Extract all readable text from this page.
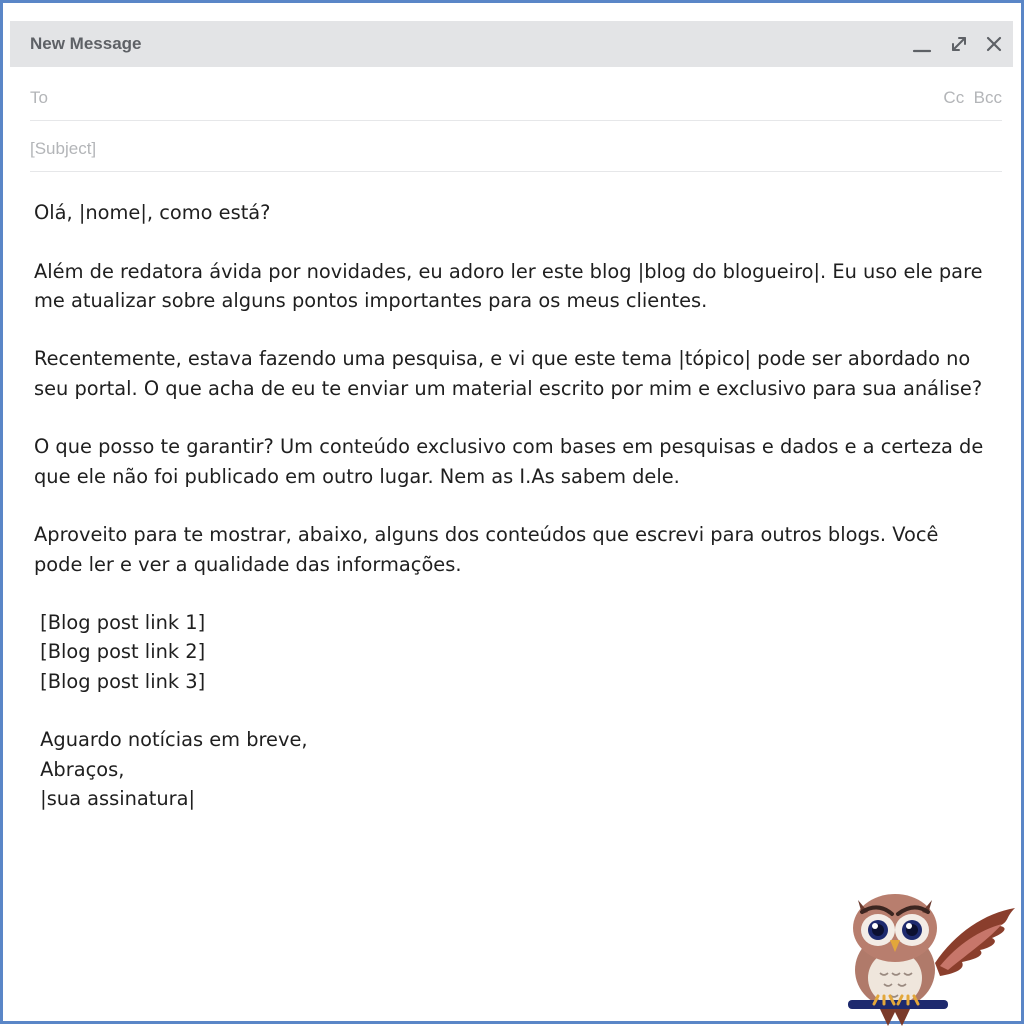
New Message
To	Cc Bcc
[Subject]

Olá, |nome|, como está?

Além de redatora ávida por novidades, eu adoro ler este blog |blog do blogueiro|. Eu uso ele pare me atualizar sobre alguns pontos importantes para os meus clientes.

Recentemente, estava fazendo uma pesquisa, e vi que este tema |tópico| pode ser abordado no seu portal. O que acha de eu te enviar um material escrito por mim e exclusivo para sua análise?

O que posso te garantir? Um conteúdo exclusivo com bases em pesquisas e dados e a certeza de que ele não foi publicado em outro lugar. Nem as I.As sabem dele.

Aproveito para te mostrar, abaixo, alguns dos conteúdos que escrevi para outros blogs. Você pode ler e ver a qualidade das informações.

[Blog post link 1]

[Blog post link 2]

[Blog post link 3]

Aguardo notícias em breve,

Abraços,

|sua assinatura|
